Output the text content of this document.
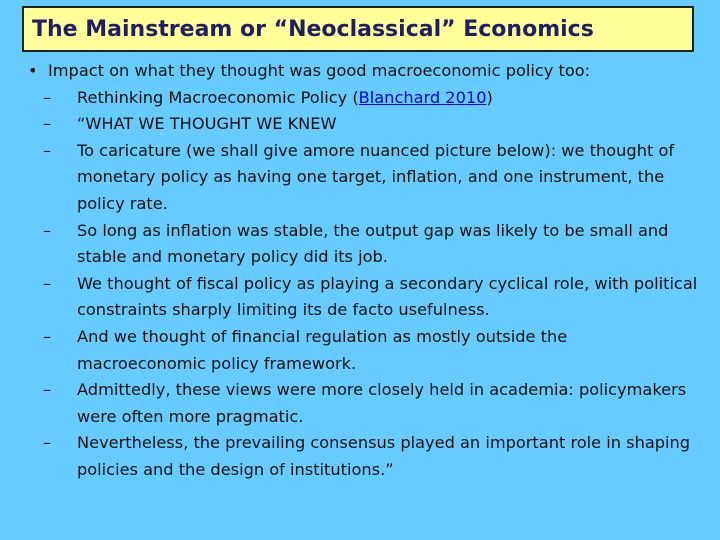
The Mainstream or “Neoclassical” Economics
• Impact on what they thought was good macroeconomic policy too:
–	Rethinking Macroeconomic Policy (Blanchard 2010)
–	“WHAT WE THOUGHT WE KNEW
–	To caricature (we shall give amore nuanced picture below): we thought of monetary policy as having one target, inflation, and one instrument, the policy rate.
–	So long as inflation was stable, the output gap was likely to be small and stable and monetary policy did its job.
–	We thought of fiscal policy as playing a secondary cyclical role, with political constraints sharply limiting its de facto usefulness.
–	And we thought of financial regulation as mostly outside the macroeconomic policy framework.
–	Admittedly, these views were more closely held in academia: policymakers were often more pragmatic.
–	Nevertheless, the prevailing consensus played an important role in shaping policies and the design of institutions.”
